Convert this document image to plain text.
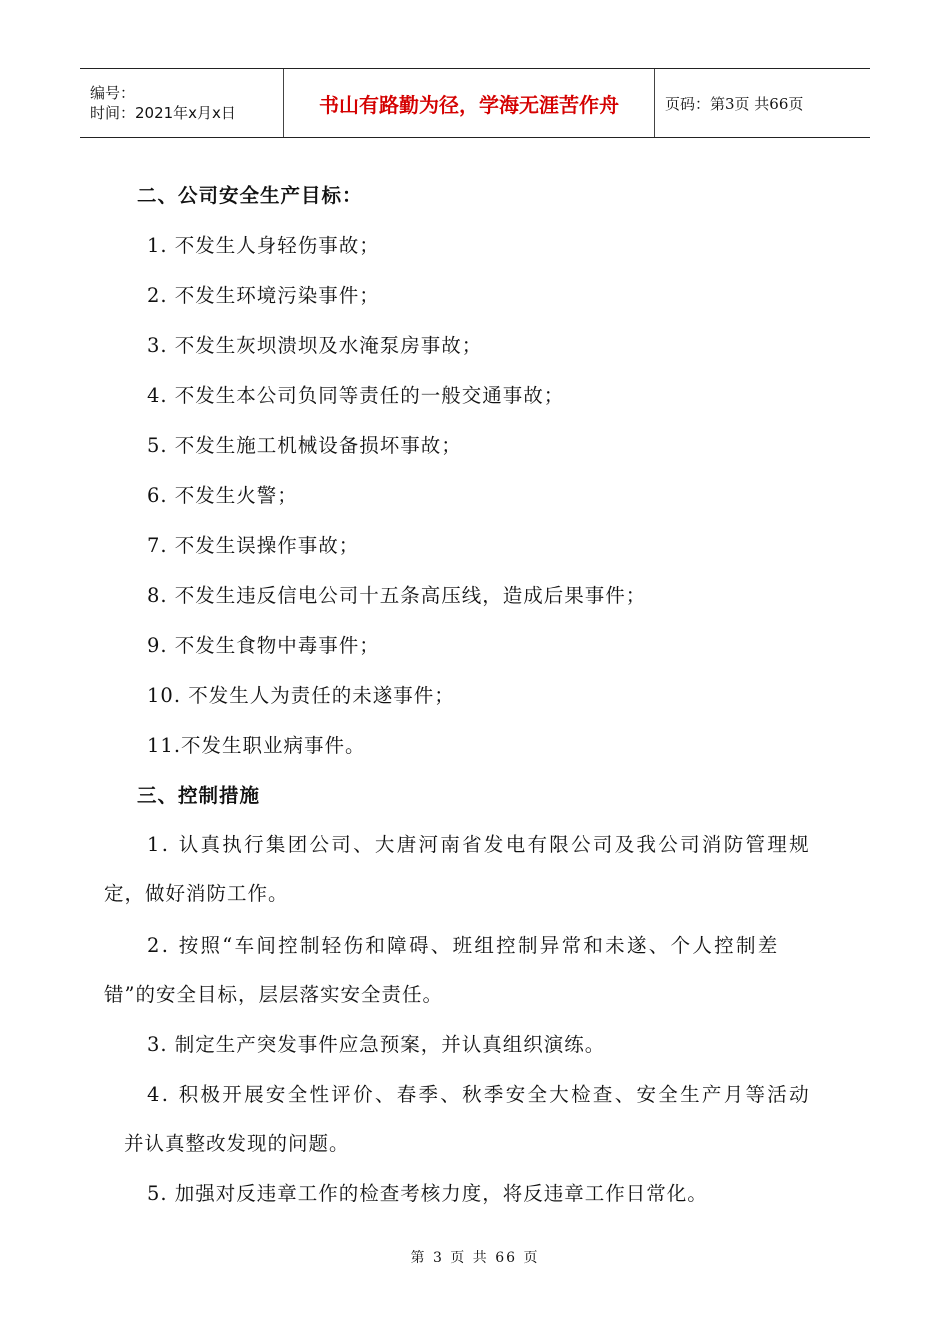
编号：
时间：2021年x月x日	书山有路勤为径，学海无涯苦作舟	页码：第3页 共66页
二、公司安全生产目标：
1. 不发生人身轻伤事故；
2. 不发生环境污染事件；
3. 不发生灰坝溃坝及水淹泵房事故；
4. 不发生本公司负同等责任的一般交通事故；
5. 不发生施工机械设备损坏事故；
6. 不发生火警；
7. 不发生误操作事故；
8. 不发生违反信电公司十五条高压线，造成后果事件；
9. 不发生食物中毒事件；
10. 不发生人为责任的未遂事件；
11.不发生职业病事件。
三、控制措施
1. 认真执行集团公司、大唐河南省发电有限公司及我公司消防管理规
定，做好消防工作。
2. 按照“车间控制轻伤和障碍、班组控制异常和未遂、个人控制差
错”的安全目标，层层落实安全责任。
3. 制定生产突发事件应急预案，并认真组织演练。
4. 积极开展安全性评价、春季、秋季安全大检查、安全生产月等活动
并认真整改发现的问题。
5. 加强对反违章工作的检查考核力度，将反违章工作日常化。
第 3 页 共 66 页
